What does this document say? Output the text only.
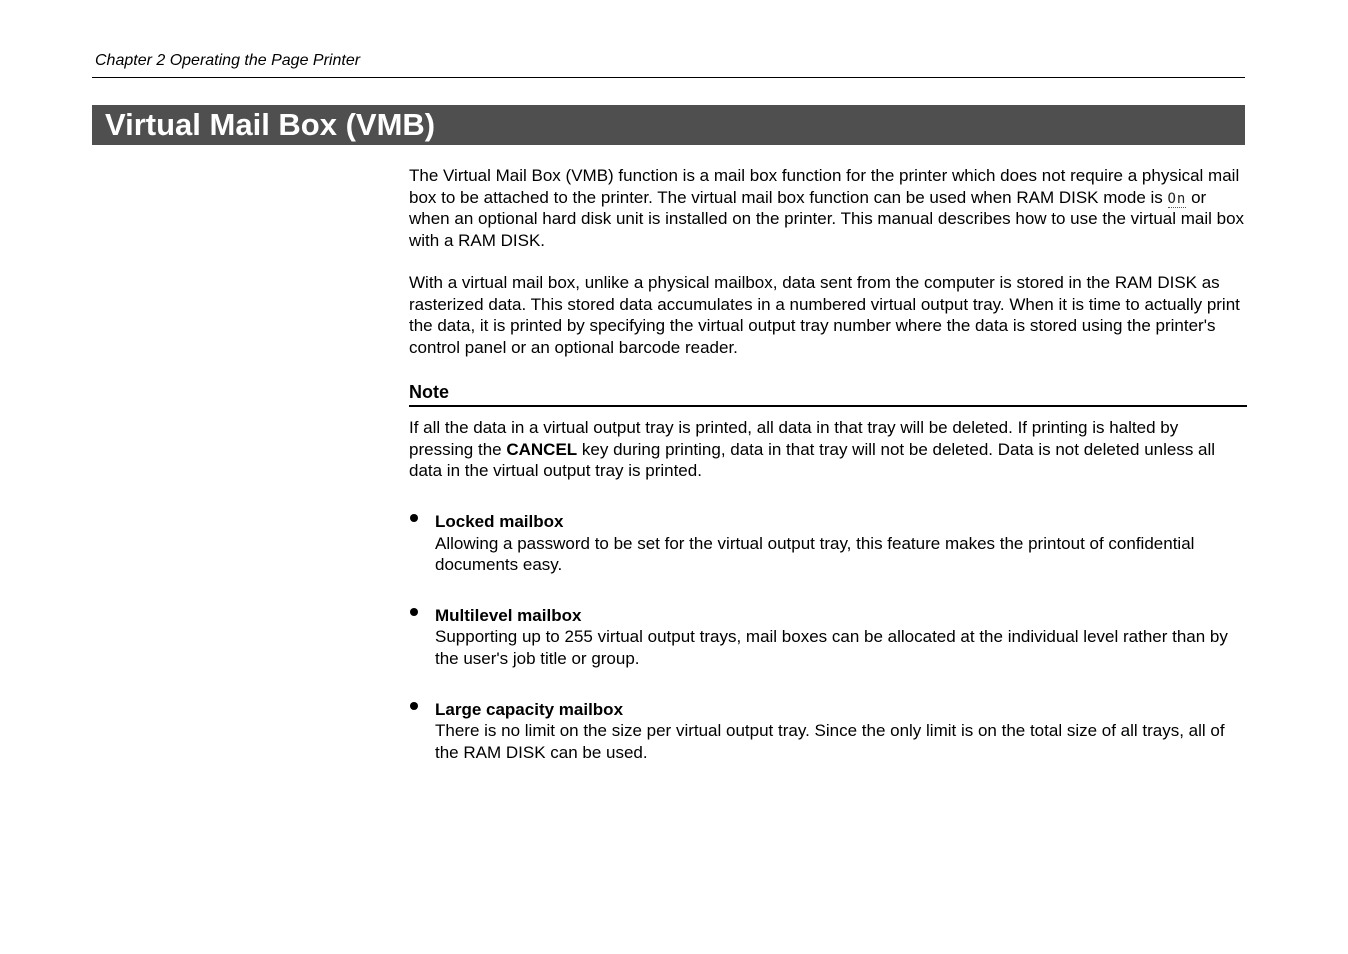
Chapter 2 Operating the Page Printer
Virtual Mail Box (VMB)

The Virtual Mail Box (VMB) function is a mail box function for the printer which does not require a physical mail box to be attached to the printer. The virtual mail box function can be used when RAM DISK mode is On or when an optional hard disk unit is installed on the printer. This manual describes how to use the virtual mail box with a RAM DISK.

With a virtual mail box, unlike a physical mailbox, data sent from the computer is stored in the RAM DISK as rasterized data. This stored data accumulates in a numbered virtual output tray. When it is time to actually print the data, it is printed by specifying the virtual output tray number where the data is stored using the printer's control panel or an optional barcode reader.

Note

If all the data in a virtual output tray is printed, all data in that tray will be deleted. If printing is halted by pressing the CANCEL key during printing, data in that tray will not be deleted. Data is not deleted unless all data in the virtual output tray is printed.

Locked mailbox
Allowing a password to be set for the virtual output tray, this feature makes the printout of confidential documents easy.
Multilevel mailbox
Supporting up to 255 virtual output trays, mail boxes can be allocated at the individual level rather than by the user's job title or group.
Large capacity mailbox
There is no limit on the size per virtual output tray. Since the only limit is on the total size of all trays, all of the RAM DISK can be used.
